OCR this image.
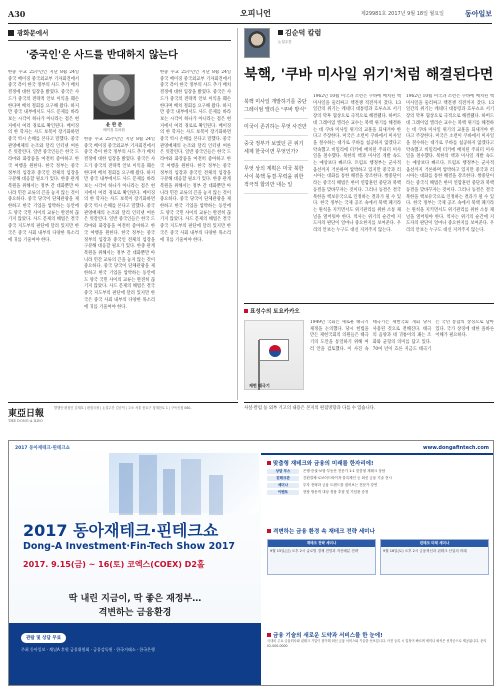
A30	오피니언	제29981호 2017년 9월 18일 월요일	동아일보
광화문에서
'중국인'은 사드를 반대하지 않는다
한중 수교 25주년인 지난 8월 24일 중국 베이징 중국외교부 기자회견에서 중국 측이 한국 정부의 사드 추가 배치 결정에 대한 입장을 밝혔다. 중국은 사드가 중국의 전략적 안보 이익을 훼손한다며 배치 철회를 요구해 왔다. 하지만 중국 내부에서도 사드 문제를 바라보는 시각이 하나가 아니라는 점은 현지에서 여러 경로로 확인된다. 베이징의 한 학자는 사드 보복이 장기화하면 중국 역시 손해를 본다고 말했다. 중국 관영매체의 논조와 달리 인터넷 여론은 엇갈린다. 일반 중국인들은 한국 드라마와 화장품을 여전히 좋아하고 한국 여행을 원한다. 한국 정부는 중국 정부의 입장과 중국인 전체의 입장을 구분해 대응할 필요가 있다. 한중 관계 복원을 위해서는 정부 간 대화뿐만 아니라 민간 교류의 끈을 놓지 않는 것이 중요하다. 중국 당국이 단체관광을 제한하고 한국 기업을 압박하는 동안에도 양국 국민 사이의 교류는 완전히 끊기지 않았다. 사드 문제의 해법은 결국 중국 지도부의 판단에 달려 있지만 한국은 중국 사회 내부의 다양한 목소리에 귀를 기울여야 한다.
윤 완 준
베이징 특파원
한중 수교 25주년인 지난 8월 24일 중국 베이징 중국외교부 기자회견에서 중국 측이 한국 정부의 사드 추가 배치 결정에 대한 입장을 밝혔다. 중국은 사드가 중국의 전략적 안보 이익을 훼손한다며 배치 철회를 요구해 왔다. 하지만 중국 내부에서도 사드 문제를 바라보는 시각이 하나가 아니라는 점은 현지에서 여러 경로로 확인된다. 베이징의 한 학자는 사드 보복이 장기화하면 중국 역시 손해를 본다고 말했다. 중국 관영매체의 논조와 달리 인터넷 여론은 엇갈린다. 일반 중국인들은 한국 드라마와 화장품을 여전히 좋아하고 한국 여행을 원한다. 한국 정부는 중국 정부의 입장과 중국인 전체의 입장을 구분해 대응할 필요가 있다. 한중 관계 복원을 위해서는 정부 간 대화뿐만 아니라 민간 교류의 끈을 놓지 않는 것이 중요하다. 중국 당국이 단체관광을 제한하고 한국 기업을 압박하는 동안에도 양국 국민 사이의 교류는 완전히 끊기지 않았다. 사드 문제의 해법은 결국 중국 지도부의 판단에 달려 있지만 한국은 중국 사회 내부의 다양한 목소리에 귀를 기울여야 한다.
한중 수교 25주년인 지난 8월 24일 중국 베이징 중국외교부 기자회견에서 중국 측이 한국 정부의 사드 추가 배치 결정에 대한 입장을 밝혔다. 중국은 사드가 중국의 전략적 안보 이익을 훼손한다며 배치 철회를 요구해 왔다. 하지만 중국 내부에서도 사드 문제를 바라보는 시각이 하나가 아니라는 점은 현지에서 여러 경로로 확인된다. 베이징의 한 학자는 사드 보복이 장기화하면 중국 역시 손해를 본다고 말했다. 중국 관영매체의 논조와 달리 인터넷 여론은 엇갈린다. 일반 중국인들은 한국 드라마와 화장품을 여전히 좋아하고 한국 여행을 원한다. 한국 정부는 중국 정부의 입장과 중국인 전체의 입장을 구분해 대응할 필요가 있다. 한중 관계 복원을 위해서는 정부 간 대화뿐만 아니라 민간 교류의 끈을 놓지 않는 것이 중요하다. 중국 당국이 단체관광을 제한하고 한국 기업을 압박하는 동안에도 양국 국민 사이의 교류는 완전히 끊기지 않았다. 사드 문제의 해법은 결국 중국 지도부의 판단에 달려 있지만 한국은 중국 사회 내부의 다양한 목소리에 귀를 기울여야 한다.
김순덕 칼럼
논설주간
북핵, '쿠바 미사일 위기'처럼 해결된다면
북핵 미사일 개발하기를 중단 그레이엄 앨리슨 "쿠바 방식"
미국이 존귀하는 무엇 사건만
중국 정부가 보였던 큰 위기 세계 한국이면 무엇인가?
무엇 상의 계획은 미국 북한 사이 북핵 동결·무력을 위한 적극적 합의만 내는 일
1962년 10월 미국과 소련은 쿠바에 배치된 핵미사일을 둘러싸고 핵전쟁 직전까지 갔다. 13일간의 위기는 케네디 대통령과 흐루쇼프 서기장의 막후 협상으로 극적으로 해결됐다. 하버드대 그레이엄 앨리슨 교수는 북핵 위기를 해결하는 데 쿠바 미사일 위기의 교훈을 되새겨야 한다고 주장한다. 미국은 소련이 쿠바에서 미사일을 철수하는 대가로 쿠바를 침공하지 않겠다고 약속했고 비밀리에 터키에 배치된 주피터 미사일을 철수했다. 북한의 핵과 미사일 개발 속도는 예상보다 빠르다. 트럼프 행정부는 군사적 옵션까지 거론하며 압박하고 있지만 중국과 러시아는 대화를 통한 해결을 강조한다. 쌍중단이라는 중국식 해법은 한미 연합훈련 중단과 북핵 동결을 맞바꾸자는 것이다. 그러나 동결은 결국 북한을 핵보유국으로 인정하는 결과가 될 수 있다. 한국 정부는 국제 공조 속에서 북핵 폐기라는 원칙을 지키면서도 위기관리를 위한 소통 채널을 열어둬야 한다. 역사는 위기의 순간에 지도자의 판단이 얼마나 중요한지를 보여준다. 우리의 안보는 누구도 대신 지켜주지 않는다.
1962년 10월 미국과 소련은 쿠바에 배치된 핵미사일을 둘러싸고 핵전쟁 직전까지 갔다. 13일간의 위기는 케네디 대통령과 흐루쇼프 서기장의 막후 협상으로 극적으로 해결됐다. 하버드대 그레이엄 앨리슨 교수는 북핵 위기를 해결하는 데 쿠바 미사일 위기의 교훈을 되새겨야 한다고 주장한다. 미국은 소련이 쿠바에서 미사일을 철수하는 대가로 쿠바를 침공하지 않겠다고 약속했고 비밀리에 터키에 배치된 주피터 미사일을 철수했다. 북한의 핵과 미사일 개발 속도는 예상보다 빠르다. 트럼프 행정부는 군사적 옵션까지 거론하며 압박하고 있지만 중국과 러시아는 대화를 통한 해결을 강조한다. 쌍중단이라는 중국식 해법은 한미 연합훈련 중단과 북핵 동결을 맞바꾸자는 것이다. 그러나 동결은 결국 북한을 핵보유국으로 인정하는 결과가 될 수 있다. 한국 정부는 국제 공조 속에서 북핵 폐기라는 원칙을 지키면서도 위기관리를 위한 소통 채널을 열어둬야 한다. 역사는 위기의 순간에 지도자의 판단이 얼마나 중요한지를 보여준다. 우리의 안보는 누구도 대신 지켜주지 않는다.
표성수의 토요카카오
제헌 태극기
1949년 국회는 새로운 태극기 제정을 논의했다. 당시 헌법을 만든 제헌국회의 의원들은 태극기의 도안을 통일하기 위해 여러 안을 검토했다. 이 사진 속 태극기는 제헌국회 개회 당시 사용된 것으로 전해진다. 태극의 음양과 네 귀퉁이의 괘는 조화와 균형의 의미를 담고 있다. 70여 년이 흐른 지금도 태극기는 국민 통합의 상징으로 남아 있다. 국가 상징에 대한 올바른 이해가 필요하다.
東亞日報
THE DONG-A ILBO
발행인·편집인 김재호 | 편집국장 | 논설주간 김순덕 | 주소 서울 종로구 청계천로 1 | 구독신청 080-	사설·칼럼 등 외부 기고의 내용은 본지의 편집방향과 다를 수 있습니다.
2017 동아재테크·핀테크쇼
2017 동아재테크·핀테크쇼
Dong-A Investment·Fin-Tech Show 2017
2017. 9.15(금) ~ 16(토) 코엑스(COEX) D2홀
딱 내린 지금이, 딱 좋은 재정부…
격변하는 금융환경
관람 및 상담 무료
주최 동아일보 · 채널A 후원 금융위원회 · 금융감독원 · 한국거래소 · 한국은행
www.dongafintech.com
맞춤형 재테크와 금융의 미래를 한자리에!
상담 부스	은행·증권·보험·부동산 전문가 1:1 맞춤형 재테크 상담
핀테크관	간편결제·로보어드바이저·블록체인 등 최신 금융 기술 전시
세미나	투자 전략과 금융 트렌드를 짚어보는 전문가 강연
이벤트	현장 방문객 대상 경품 추첨 및 기념품 증정
격변하는 금융 환경 속 재테크 전략 세미나
재테크 전략 세미나
9월 15일(금) 오후 2시 글로벌 경제 전망과 자산배분 전략
핀테크 미래 세미나
9월 16일(토) 오후 2시 금융혁신과 핀테크 산업의 미래
금융 기술의 새로운 도약과 서비스를 한 눈에!
국내외 주요 금융회사와 핀테크 기업이 참가해 최신 금융 서비스와 기술을 선보입니다. 사전 등록 시 입장이 빠르며 세미나 좌석은 선착순으로 제공됩니다. 문의 02-000-0000
